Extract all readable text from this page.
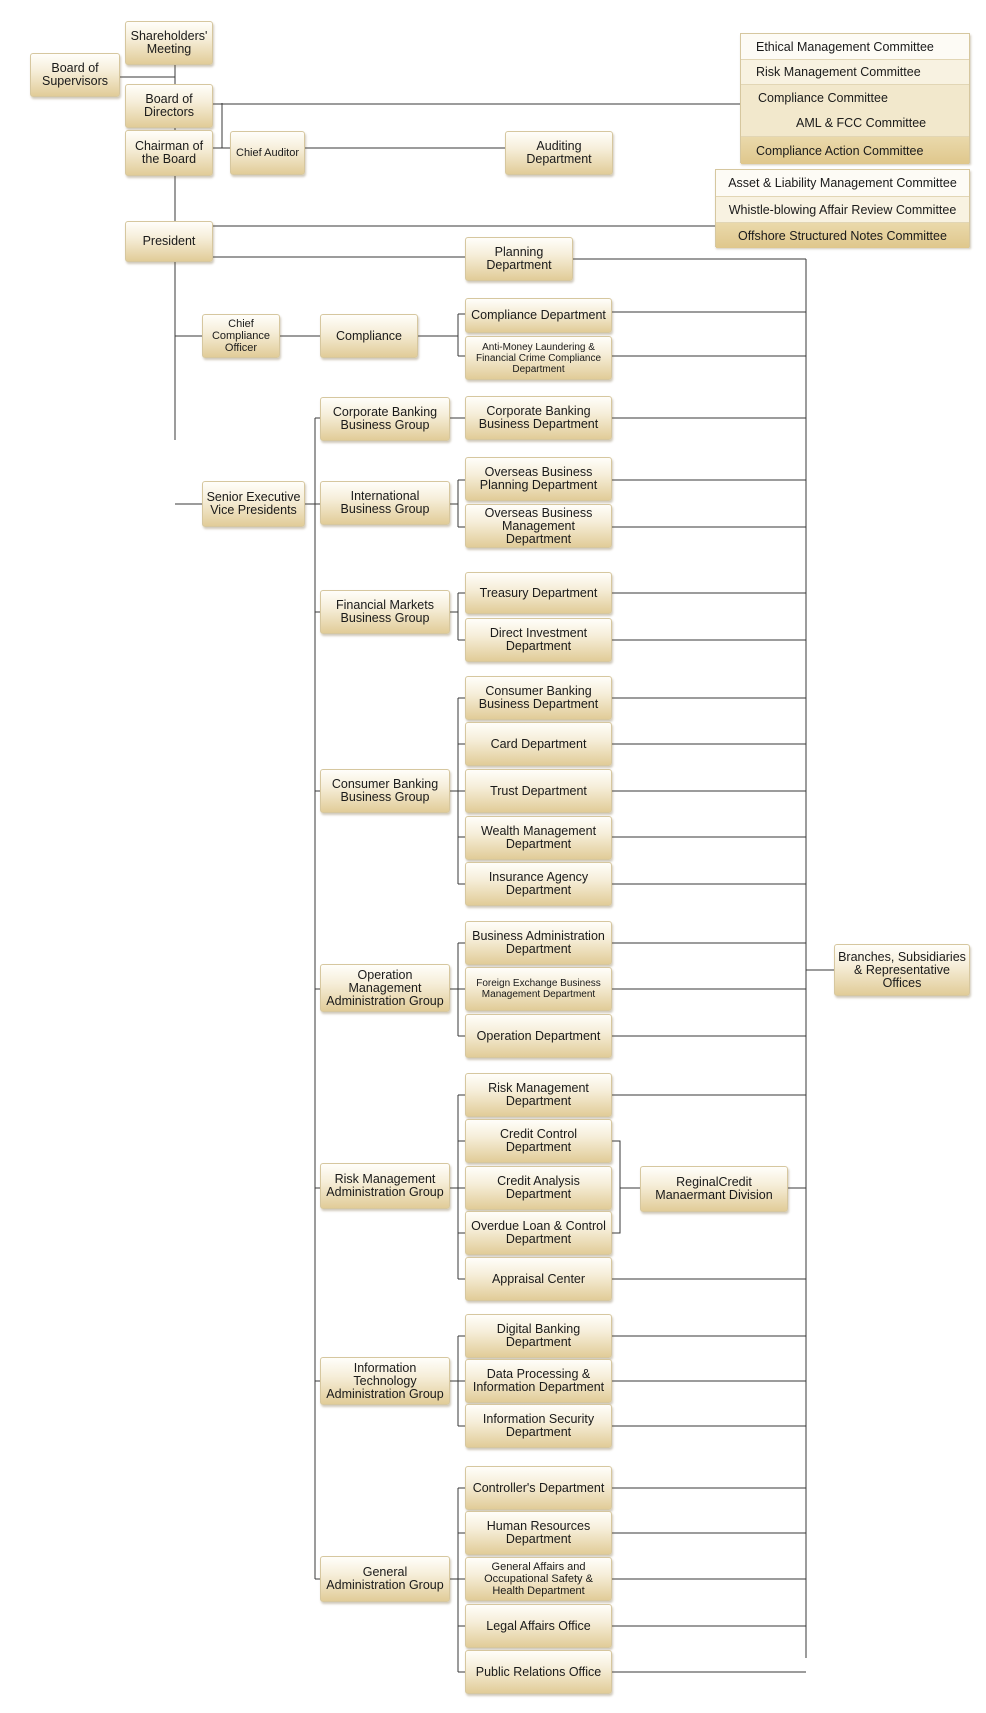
Shareholders' Meeting
Board of Supervisors
Board of Directors
Chairman of the Board	Chief Auditor	Auditing Department
President
Planning Department
Chief Compliance Officer
Compliance
Compliance Department
Anti-Money Laundering & Financial Crime Compliance Department
Senior Executive Vice Presidents
Ethical Management Committee
Risk Management Committee
Compliance Committee
AML & FCC Committee
Compliance Action Committee
Asset & Liability Management Committee
Whistle-blowing Affair Review Committee
Offshore Structured Notes Committee
Corporate Banking Business Group
International Business Group
Financial Markets Business Group
Consumer Banking Business Group
Operation Management Administration Group
Risk Management Administration Group
Information Technology Administration Group
General Administration Group
Corporate Banking Business Department
Overseas Business Planning Department
Overseas Business Management Department
Treasury Department
Direct Investment Department
Consumer Banking Business Department
Card Department
Trust Department
Wealth Management Department
Insurance Agency Department
Business Administration Department
Foreign Exchange Business Management Department
Operation Department
Risk Management Department
Credit Control Department
Credit Analysis Department
Overdue Loan & Control Department
Appraisal Center
ReginalCredit Manaermant Division
Digital Banking Department
Data Processing & Information Department
Information Security Department
Controller's Department
Human Resources Department
General Affairs and Occupational Safety & Health Department
Legal Affairs Office
Public Relations Office
Branches, Subsidiaries & Representative Offices
